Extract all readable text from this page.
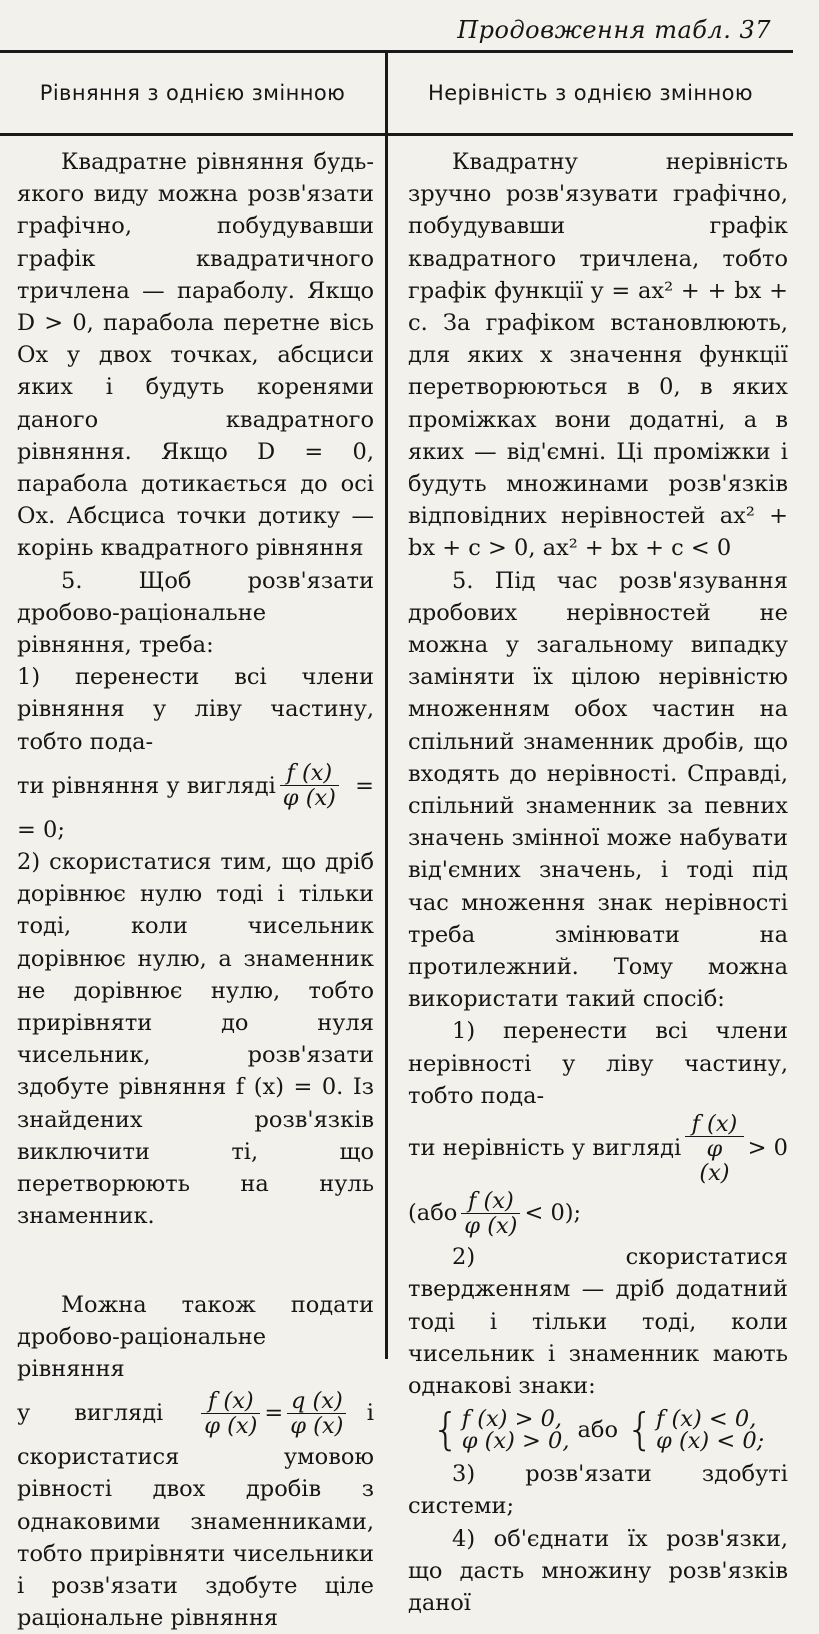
Продовження табл. 37
Рівняння з однією змінною	Нерівність з однією змінною

Квадратне рівняння будь-якого виду можна розв'язати графічно, побудувавши графік квадратичного тричлена — параболу. Якщо D > 0, парабола перетне вісь Ox у двох точках, абсциси яких і будуть коренями даного квадратного рівняння. Якщо D = 0, парабола дотикається до осі Ox. Абсциса точки дотику — корінь квадратного рівняння

5. Щоб розв'язати дробово-раціональне рівняння, треба:

1) перенести всі члени рівняння у ліву частину, тобто пода-

ти рівняння у вигляді $\frac{f (x)}{\varphi (x)}$ =

= 0;

2) скористатися тим, що дріб дорівнює нулю тоді і тільки тоді, коли чисельник дорівнює нулю, а знаменник не дорівнює нулю, тобто прирівняти до нуля чисельник, розв'язати здобуте рівняння f (x) = 0. Із знайдених розв'язків виключити ті, що перетворюють на нуль знаменник.

Можна також подати дробово-раціональне рівняння

у вигляді $\frac{f (x)}{\varphi (x)} = \frac{q (x)}{\varphi (x)}$ і

скористатися умовою рівності двох дробів з однаковими знаменниками, тобто прирівняти чисельники і розв'язати здобуте ціле раціональне рівняння

Квадратну нерівність зручно розв'язувати графічно, побудувавши графік квадратного тричлена, тобто графік функції y = ax² + + bx + c. За графіком встановлюють, для яких x значення функції перетворюються в 0, в яких проміжках вони додатні, а в яких — від'ємні. Ці проміжки і будуть множинами розв'язків відповідних нерівностей ax² + bx + c > 0, ax² + bx + c < 0

5. Під час розв'язування дробових нерівностей не можна у загальному випадку заміняти їх цілою нерівністю множенням обох частин на спільний знаменник дробів, що входять до нерівності. Справді, спільний знаменник за певних значень змінної може набувати від'ємних значень, і тоді під час множення знак нерівності треба змінювати на протилежний. Тому можна використати такий спосіб:

1) перенести всі члени нерівності у ліву частину, тобто пода-

ти нерівність у вигляді $\frac{f (x)}{\varphi (x)} > 0$
$(або \frac{f (x)}{\varphi (x)} < 0)$;

2) скористатися твердженням — дріб додатний тоді і тільки тоді, коли чисельник і знаменник мають однакові знаки:

{ f (x) > 0,
φ (x) > 0, або { f (x) < 0,
φ (x) < 0;

3) розв'язати здобуті системи;

4) об'єднати їх розв'язки, що дасть множину розв'язків даної
